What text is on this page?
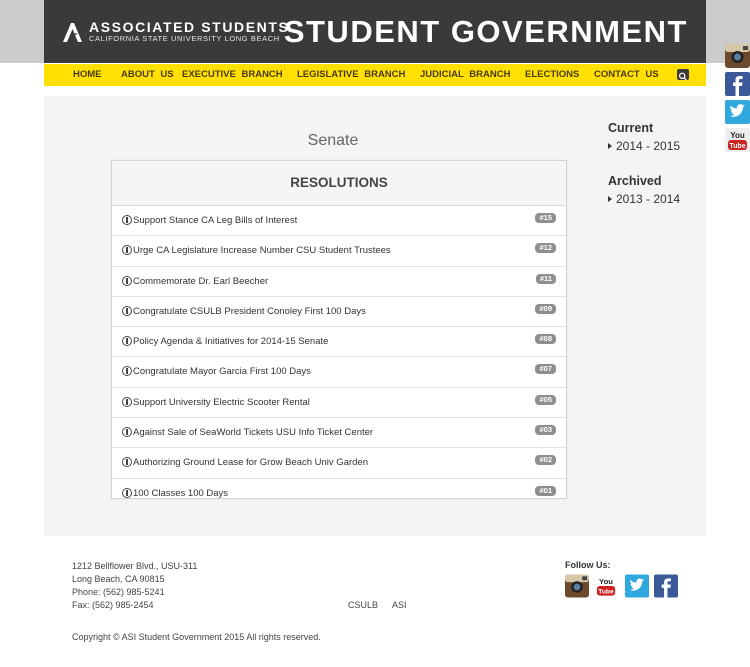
ASSOCIATED STUDENTS
CALIFORNIA STATE UNIVERSITY LONG BEACH STUDENT GOVERNMENT
HOME ABOUT US EXECUTIVE BRANCH LEGISLATIVE BRANCH JUDICIAL BRANCH ELECTIONS CONTACT US
You
Tube
Senate
RESOLUTIONS
Support Stance CA Leg Bills of Interest	#15
Urge CA Legislature Increase Number CSU Student Trustees	#12
Commemorate Dr. Earl Beecher	#11
Congratulate CSULB President Conoley First 100 Days	#09
Policy Agenda & Initiatives for 2014-15 Senate	#08
Congratulate Mayor Garcia First 100 Days	#07
Support University Electric Scooter Rental	#05
Against Sale of SeaWorld Tickets USU Info Ticket Center	#03
Authorizing Ground Lease for Grow Beach Univ Garden	#02
100 Classes 100 Days	#01
Current
2014 - 2015
Archived
2013 - 2014
1212 Bellflower Blvd., USU-311
Long Beach, CA 90815
Phone: (562) 985-5241
Fax: (562) 985-2454	CSULB ASI
Copyright © ASI Student Government 2015 All rights reserved.
Follow Us:
You
Tube
